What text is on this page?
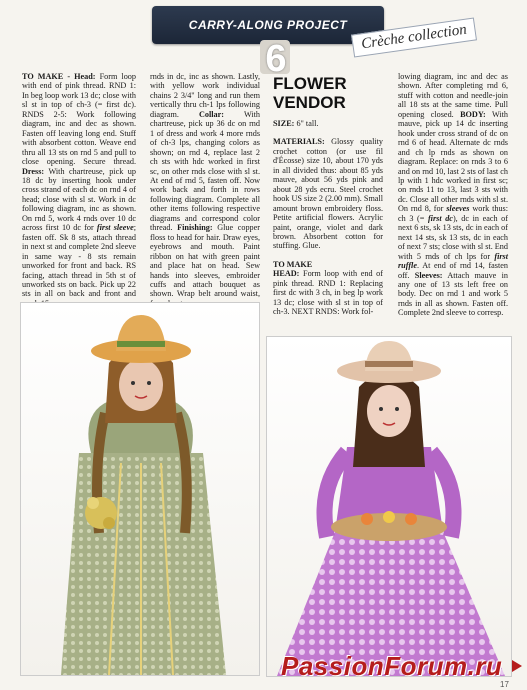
CARRY-ALONG PROJECT
6
Crèche collection
TO MAKE - Head: Form loop with end of pink thread. RND 1: In beg loop work 13 dc; close with sl st in top of ch-3 (= first dc). RNDS 2-5: Work following diagram, inc and dec as shown. Fasten off leaving long end. Stuff with absorbent cotton. Weave end thru all 13 sts on rnd 5 and pull to close opening. Secure thread. Dress: With chartreuse, pick up 18 dc by inserting hook under cross strand of each dc on rnd 4 of head; close with sl st. Work in dc following diagram, inc as shown. On rnd 5, work 4 rnds over 10 dc across first 10 dc for first sleeve; fasten off. Sk 8 sts, attach thread in next st and complete 2nd sleeve in same way - 8 sts remain unworked for front and back. RS facing, attach thread in 5th st of unworked sts on back. Pick up 22 sts in all on back and front and
rnds in dc, inc as shown. Lastly, with yellow work individual chains 2 3/4" long and run them vertically thru ch-1 lps following diagram. Collar: With chartreuse, pick up 36 dc on rnd 1 of dress and work 4 more rnds of ch-3 lps, changing colors as shown; on rnd 4, replace last 2 ch sts with hdc worked in first sc, on other rnds close with sl st. At end of rnd 5, fasten off. Now work back and forth in rows following diagram. Complete all other items following respective diagrams and correspond color thread. Finishing: Glue copper floss to head for hair. Draw eyes, eyebrows and mouth. Paint ribbon on hat with green paint and place hat on head. Sew hands into sleeves, embroider cuffs and attach bouquet as shown. Wrap belt around waist,
FLOWER
VENDOR
SIZE: 6" tall.
MATERIALS: Glossy quality crochet cotton (or use fil d'Écosse) size 10, about 170 yds in all divided thus: about 85 yds mauve, about 56 yds pink and about 28 yds ecru. Steel crochet hook US size 2 (2.00 mm). Small amount brown embroidery floss. Petite artificial flowers. Acrylic paint, orange, violet and dark brown. Absorbent cotton for stuffing. Glue.
TO MAKE
HEAD: Form loop with end of pink thread. RND 1: Replacing first dc with 3 ch, in beg lp work 13 dc; close with sl st in top of ch-3. NEXT RNDS: Work fol-
lowing diagram, inc and dec as shown. After completing rnd 6, stuff with cotton and needle-join all 18 sts at the same time. Pull opening closed. BODY: With mauve, pick up 14 dc inserting hook under cross strand of dc on rnd 6 of head. Alternate dc rnds and ch lp rnds as shown on diagram. Replace: on rnds 3 to 6 and on rnd 10, last 2 sts of last ch lp with 1 hdc worked in first sc; on rnds 11 to 13, last 3 sts with dc. Close all other rnds with sl st. On rnd 8, for sleeves work thus: ch 3 (= first dc), dc in each of next 6 sts, sk 13 sts, dc in each of next 14 sts, sk 13 sts, dc in each of next 7 sts; close with sl st. End with 5 rnds of ch lps for first ruffle. At end of rnd 14, fasten off. Sleeves: Attach mauve in any one of 13 sts left free on body. Dec on rnd 1 and work 5 rnds in all as shown. Fasten off. Complete 2nd sleeve to corresp.
PassionForum.ru
17
